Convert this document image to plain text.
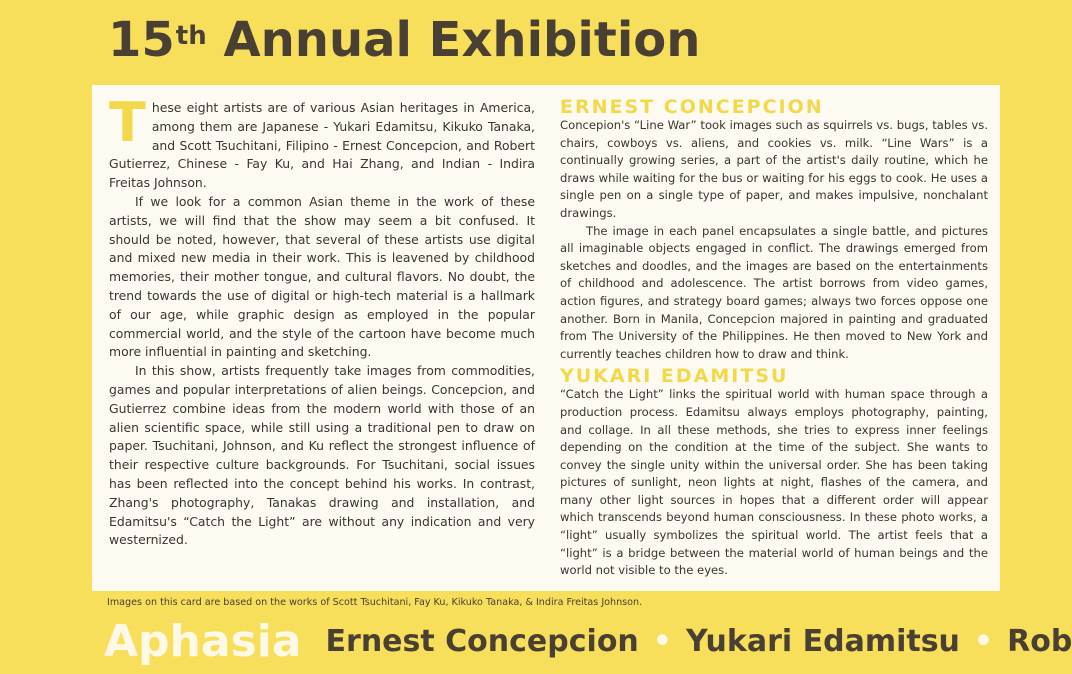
15th Annual Exhibition

These eight artists are of various Asian heritages in America, among them are Japanese - Yukari Edamitsu, Kikuko Tanaka, and Scott Tsuchitani, Filipino - Ernest Concepcion, and Robert Gutierrez, Chinese - Fay Ku, and Hai Zhang, and Indian - Indira Freitas Johnson.

If we look for a common Asian theme in the work of these artists, we will find that the show may seem a bit confused. It should be noted, however, that several of these artists use digital and mixed new media in their work. This is leavened by childhood memories, their mother tongue, and cultural flavors. No doubt, the trend towards the use of digital or high-tech material is a hallmark of our age, while graphic design as employed in the popular commercial world, and the style of the cartoon have become much more influential in painting and sketching.

In this show, artists frequently take images from commodities, games and popular interpretations of alien beings. Concepcion, and Gutierrez combine ideas from the modern world with those of an alien scientific space, while still using a traditional pen to draw on paper. Tsuchitani, Johnson, and Ku reflect the strongest influence of their respective culture backgrounds. For Tsuchitani, social issues has been reflected into the concept behind his works. In contrast, Zhang's photography, Tanakas drawing and installation, and Edamitsu's “Catch the Light” are without any indication and very westernized.

ERNEST CONCEPCION

Concepion's “Line War” took images such as squirrels vs. bugs, tables vs. chairs, cowboys vs. aliens, and cookies vs. milk. “Line Wars” is a continually growing series, a part of the artist's daily routine, which he draws while waiting for the bus or waiting for his eggs to cook. He uses a single pen on a single type of paper, and makes impulsive, nonchalant drawings.

The image in each panel encapsulates a single battle, and pictures all imaginable objects engaged in conflict. The drawings emerged from sketches and doodles, and the images are based on the entertainments of childhood and adolescence. The artist borrows from video games, action figures, and strategy board games; always two forces oppose one another. Born in Manila, Concepcion majored in painting and graduated from The University of the Philippines. He then moved to New York and currently teaches children how to draw and think.

YUKARI EDAMITSU

“Catch the Light” links the spiritual world with human space through a production process. Edamitsu always employs photography, painting, and collage. In all these methods, she tries to express inner feelings depending on the condition at the time of the subject. She wants to convey the single unity within the universal order. She has been taking pictures of sunlight, neon lights at night, flashes of the camera, and many other light sources in hopes that a different order will appear which transcends beyond human consciousness. In these photo works, a “light” usually symbolizes the spiritual world. The artist feels that a “light” is a bridge between the material world of human beings and the world not visible to the eyes.

Images on this card are based on the works of Scott Tsuchitani, Fay Ku, Kikuko Tanaka, & Indira Freitas Johnson.
Aphasia Ernest Concepcion • Yukari Edamitsu • Rob
